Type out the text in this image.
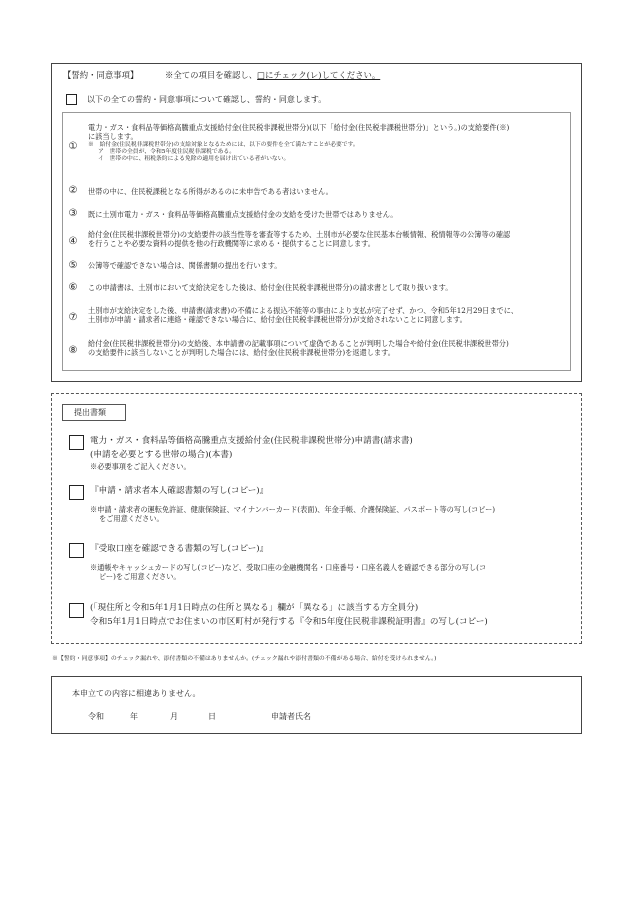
【誓約・同意事項】	※全ての項目を確認し、□にチェック(レ)してください。
以下の全ての誓約・同意事項について確認し、誓約・同意します。
①
電力・ガス・食料品等価格高騰重点支援給付金(住民税非課税世帯分)(以下「給付金(住民税非課税世帯分)」という。)の支給要件(※)
に該当します。
※　給付金(住民税非課税世帯分)の支給対象となるためには、以下の要件を全て満たすことが必要です。
ア　世帯の全員が、令和5年度住民税非課税である。
イ　世帯の中に、租税条約による免除の適用を届け出ている者がいない。
②	世帯の中に、住民税課税となる所得があるのに未申告である者はいません。
③	既に土別市電力・ガス・食料品等価格高騰重点支援給付金の支給を受けた世帯ではありません。
④
給付金(住民税非課税世帯分)の支給要件の該当性等を審査等するため、土別市が必要な住民基本台帳情報、税情報等の公簿等の確認
を行うことや必要な資料の提供を他の行政機関等に求める・提供することに同意します。
⑤	公簿等で確認できない場合は、関係書類の提出を行います。
⑥	この申請書は、土別市において支給決定をした後は、給付金(住民税非課税世帯分)の請求書として取り扱います。
⑦
土別市が支給決定をした後、申請書(請求書)の不備による振込不能等の事由により支払が完了せず、かつ、令和5年12月29日までに、
土別市が申請・請求者に連絡・確認できない場合に、給付金(住民税非課税世帯分)が支給されないことに同意します。
⑧
給付金(住民税非課税世帯分)の支給後、本申請書の記載事項について虚偽であることが判明した場合や給付金(住民税非課税世帯分)
の支給要件に該当しないことが判明した場合には、給付金(住民税非課税世帯分)を返還します。
提出書類
電力・ガス・食料品等価格高騰重点支援給付金(住民税非課税世帯分)申請書(請求書)
(申請を必要とする世帯の場合)(本書)
※必要事項をご記入ください。
『申請・請求者本人確認書類の写し(コピー)』
※申請・請求者の運転免許証、健康保険証、マイナンバーカード(表面)、年金手帳、介護保険証、パスポート等の写し(コピー)
をご用意ください。
『受取口座を確認できる書類の写し(コピー)』
※通帳やキャッシュカードの写し(コピー)など、受取口座の金融機関名・口座番号・口座名義人を確認できる部分の写し(コ
ピー)をご用意ください。
(「現住所と令和5年1月1日時点の住所と異なる」欄が「異なる」に該当する方全員分)
令和5年1月1日時点でお住まいの市区町村が発行する『令和5年度住民税非課税証明書』の写し(コピー)
※【誓約・同意事項】のチェック漏れや、添付書類の不備はありませんか。(チェック漏れや添付書類の不備がある場合、給付を受けられません。)
本申立ての内容に相違ありません。
令和	年	月	日	申請者氏名
